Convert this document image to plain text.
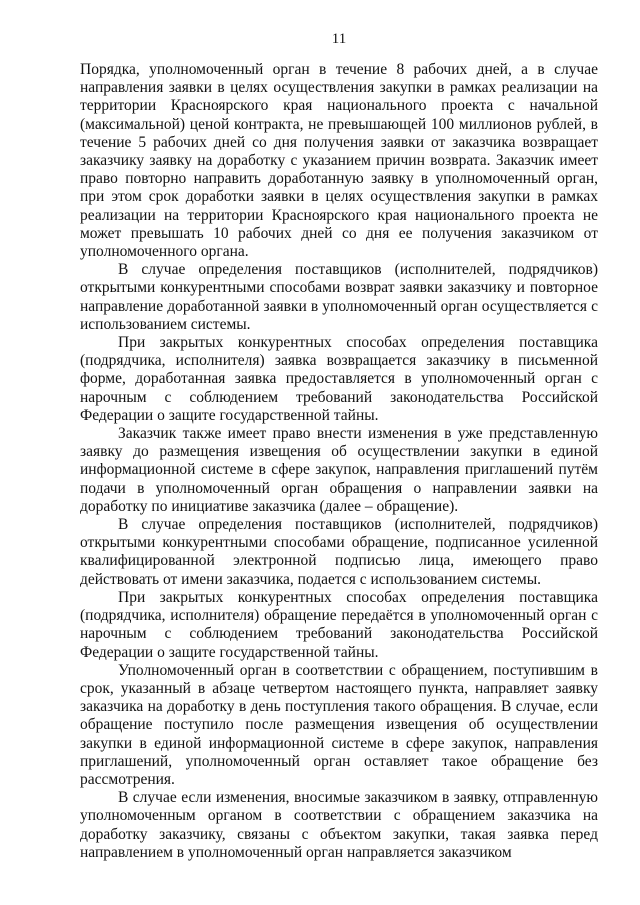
11

Порядка, уполномоченный орган в течение 8 рабочих дней, а в случае направления заявки в целях осуществления закупки в рамках реализации на территории Красноярского края национального проекта с начальной (максимальной) ценой контракта, не превышающей 100 миллионов рублей, в течение 5 рабочих дней со дня получения заявки от заказчика возвращает заказчику заявку на доработку с указанием причин возврата. Заказчик имеет право повторно направить доработанную заявку в уполномоченный орган, при этом срок доработки заявки в целях осуществления закупки в рамках реализации на территории Красноярского края национального проекта не может превышать 10 рабочих дней со дня ее получения заказчиком от уполномоченного органа.

В случае определения поставщиков (исполнителей, подрядчиков) открытыми конкурентными способами возврат заявки заказчику и повторное направление доработанной заявки в уполномоченный орган осуществляется с использованием системы.

При закрытых конкурентных способах определения поставщика (подрядчика, исполнителя) заявка возвращается заказчику в письменной форме, доработанная заявка предоставляется в уполномоченный орган с нарочным с соблюдением требований законодательства Российской Федерации о защите государственной тайны.

Заказчик также имеет право внести изменения в уже представленную заявку до размещения извещения об осуществлении закупки в единой информационной системе в сфере закупок, направления приглашений путём подачи в уполномоченный орган обращения о направлении заявки на доработку по инициативе заказчика (далее – обращение).

В случае определения поставщиков (исполнителей, подрядчиков) открытыми конкурентными способами обращение, подписанное усиленной квалифицированной электронной подписью лица, имеющего право действовать от имени заказчика, подается с использованием системы.

При закрытых конкурентных способах определения поставщика (подрядчика, исполнителя) обращение передаётся в уполномоченный орган с нарочным с соблюдением требований законодательства Российской Федерации о защите государственной тайны.

Уполномоченный орган в соответствии с обращением, поступившим в срок, указанный в абзаце четвертом настоящего пункта, направляет заявку заказчика на доработку в день поступления такого обращения. В случае, если обращение поступило после размещения извещения об осуществлении закупки в единой информационной системе в сфере закупок, направления приглашений, уполномоченный орган оставляет такое обращение без рассмотрения.

В случае если изменения, вносимые заказчиком в заявку, отправленную уполномоченным органом в соответствии с обращением заказчика на доработку заказчику, связаны с объектом закупки, такая заявка перед направлением в уполномоченный орган направляется заказчиком
